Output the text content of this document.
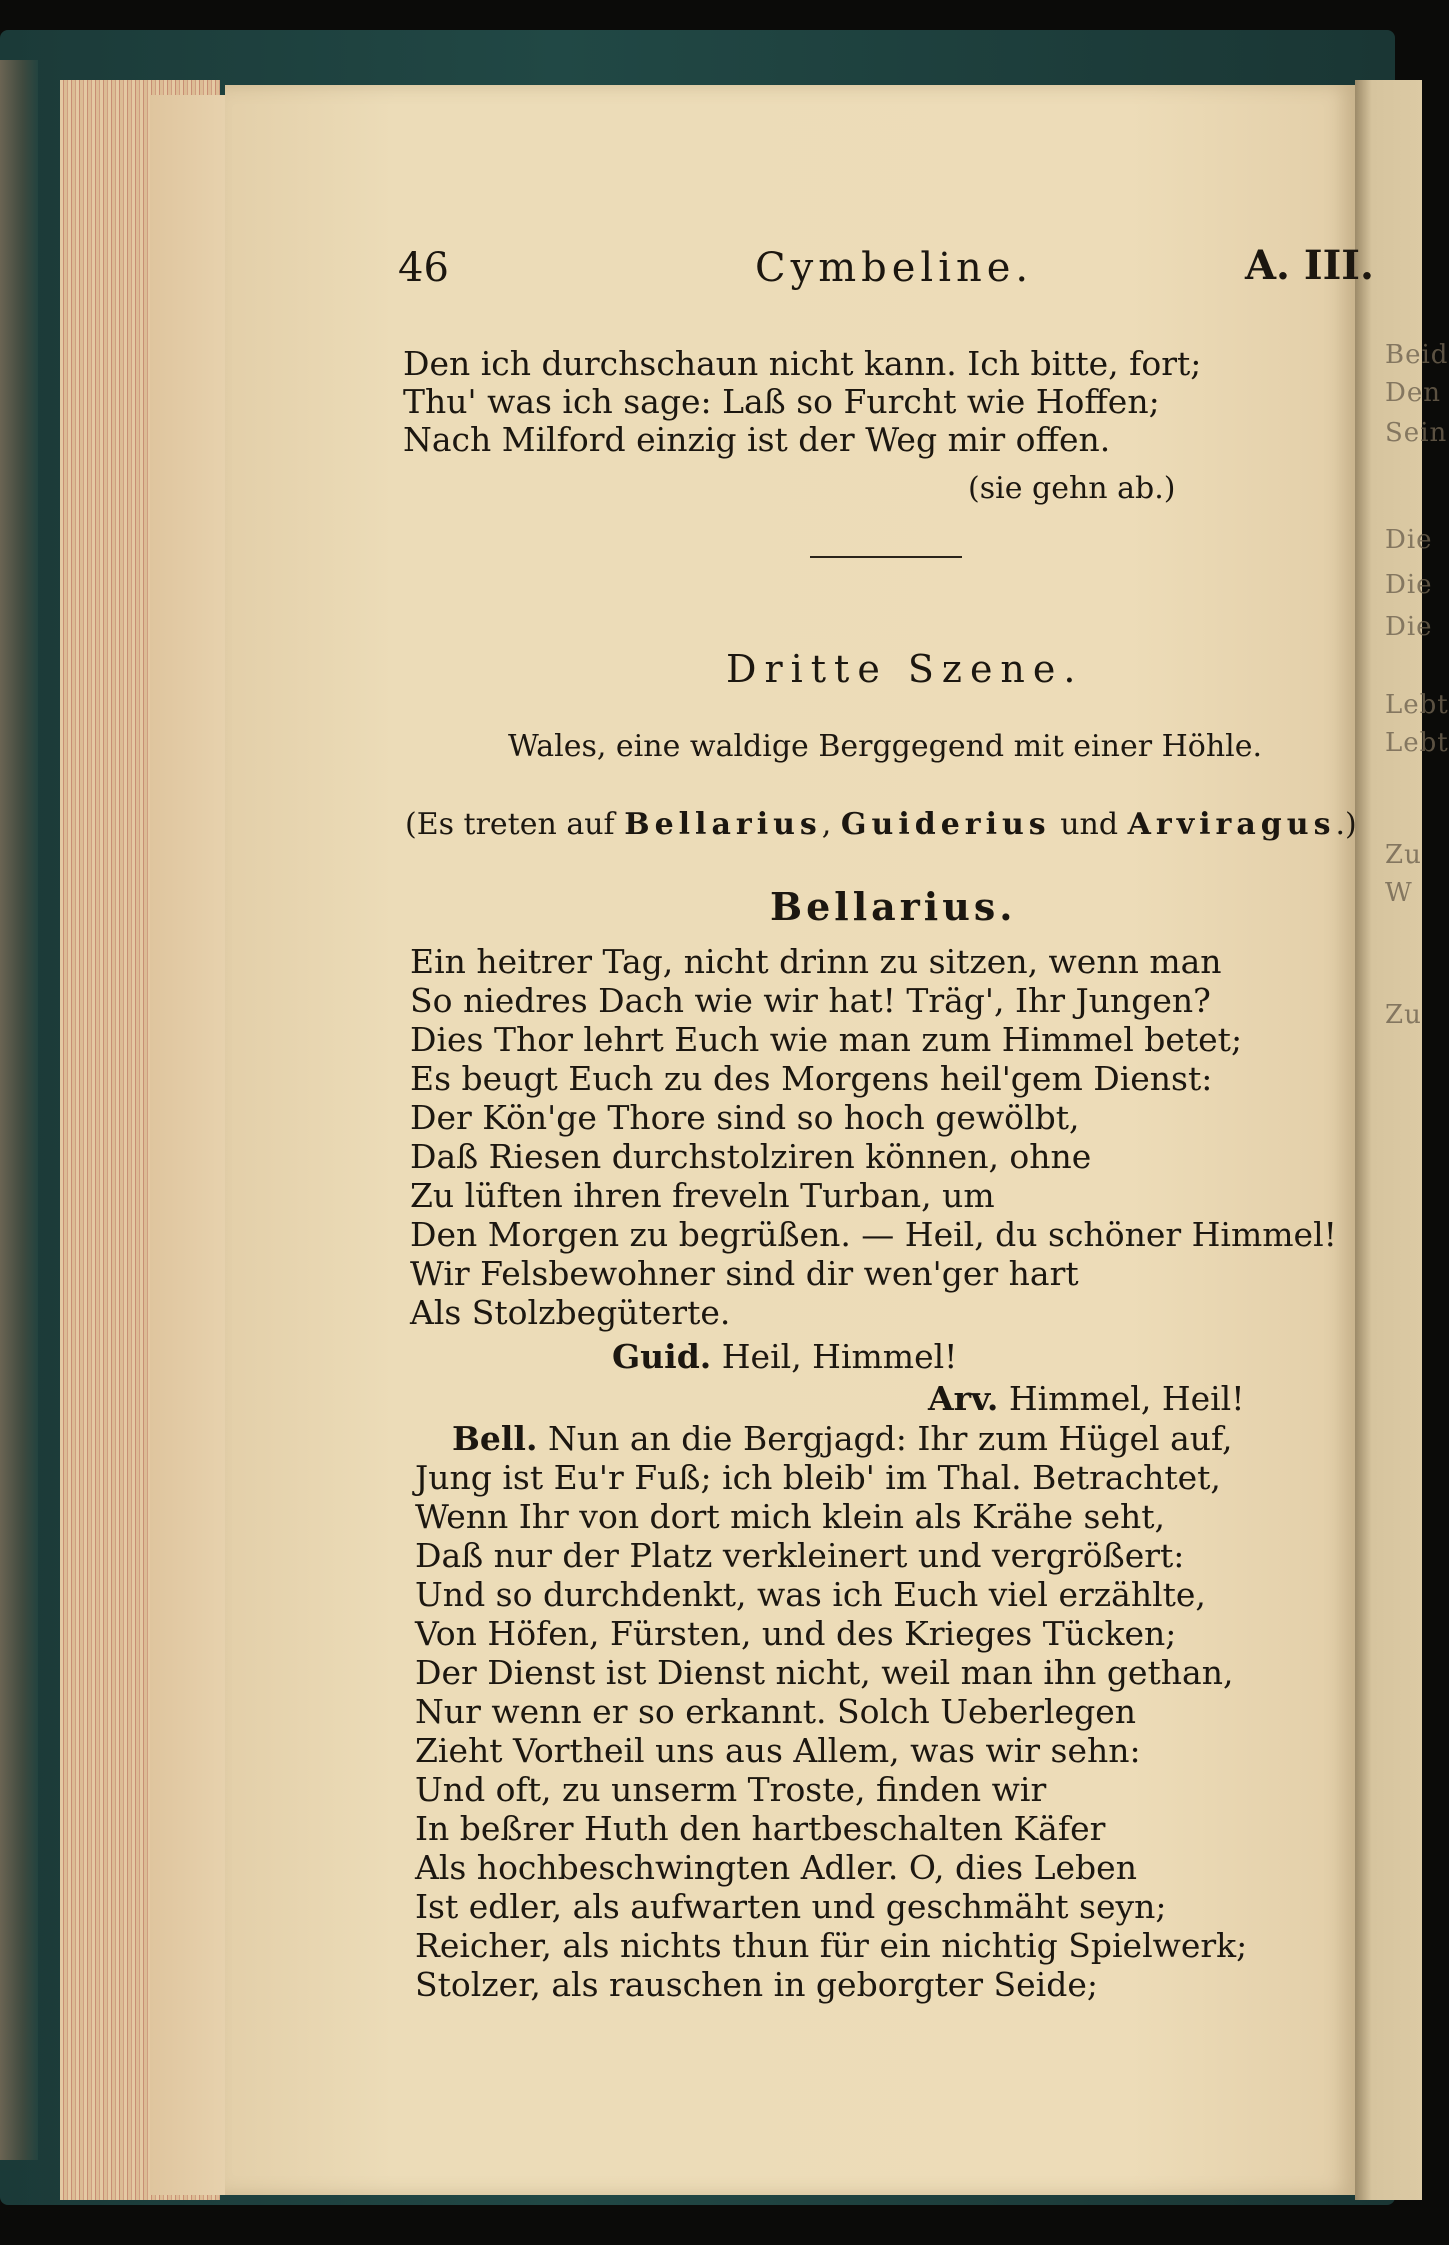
Beid
Den
Sein
Die
Die
Die
Lebt
Lebt
Zu
W
Zu
46	Cymbeline.	A. III.
Den ich durchschaun nicht kann. Ich bitte, fort;
Thu' was ich sage: Laß so Furcht wie Hoffen;
Nach Milford einzig ist der Weg mir offen.
(sie gehn ab.)
Dritte Szene.
Wales, eine waldige Berggegend mit einer Höhle.
(Es treten auf Bellarius, Guiderius und Arviragus.)
Bellarius.
Ein heitrer Tag, nicht drinn zu sitzen, wenn man
So niedres Dach wie wir hat! Träg', Ihr Jungen?
Dies Thor lehrt Euch wie man zum Himmel betet;
Es beugt Euch zu des Morgens heil'gem Dienst:
Der Kön'ge Thore sind so hoch gewölbt,
Daß Riesen durchstolziren können, ohne
Zu lüften ihren freveln Turban, um
Den Morgen zu begrüßen. — Heil, du schöner Himmel!
Wir Felsbewohner sind dir wen'ger hart
Als Stolzbegüterte.
Guid. Heil, Himmel!
Arv. Himmel, Heil!
Bell. Nun an die Bergjagd: Ihr zum Hügel auf,
Jung ist Eu'r Fuß; ich bleib' im Thal. Betrachtet,
Wenn Ihr von dort mich klein als Krähe seht,
Daß nur der Platz verkleinert und vergrößert:
Und so durchdenkt, was ich Euch viel erzählte,
Von Höfen, Fürsten, und des Krieges Tücken;
Der Dienst ist Dienst nicht, weil man ihn gethan,
Nur wenn er so erkannt. Solch Ueberlegen
Zieht Vortheil uns aus Allem, was wir sehn:
Und oft, zu unserm Troste, finden wir
In beßrer Huth den hartbeschalten Käfer
Als hochbeschwingten Adler. O, dies Leben
Ist edler, als aufwarten und geschmäht seyn;
Reicher, als nichts thun für ein nichtig Spielwerk;
Stolzer, als rauschen in geborgter Seide;
